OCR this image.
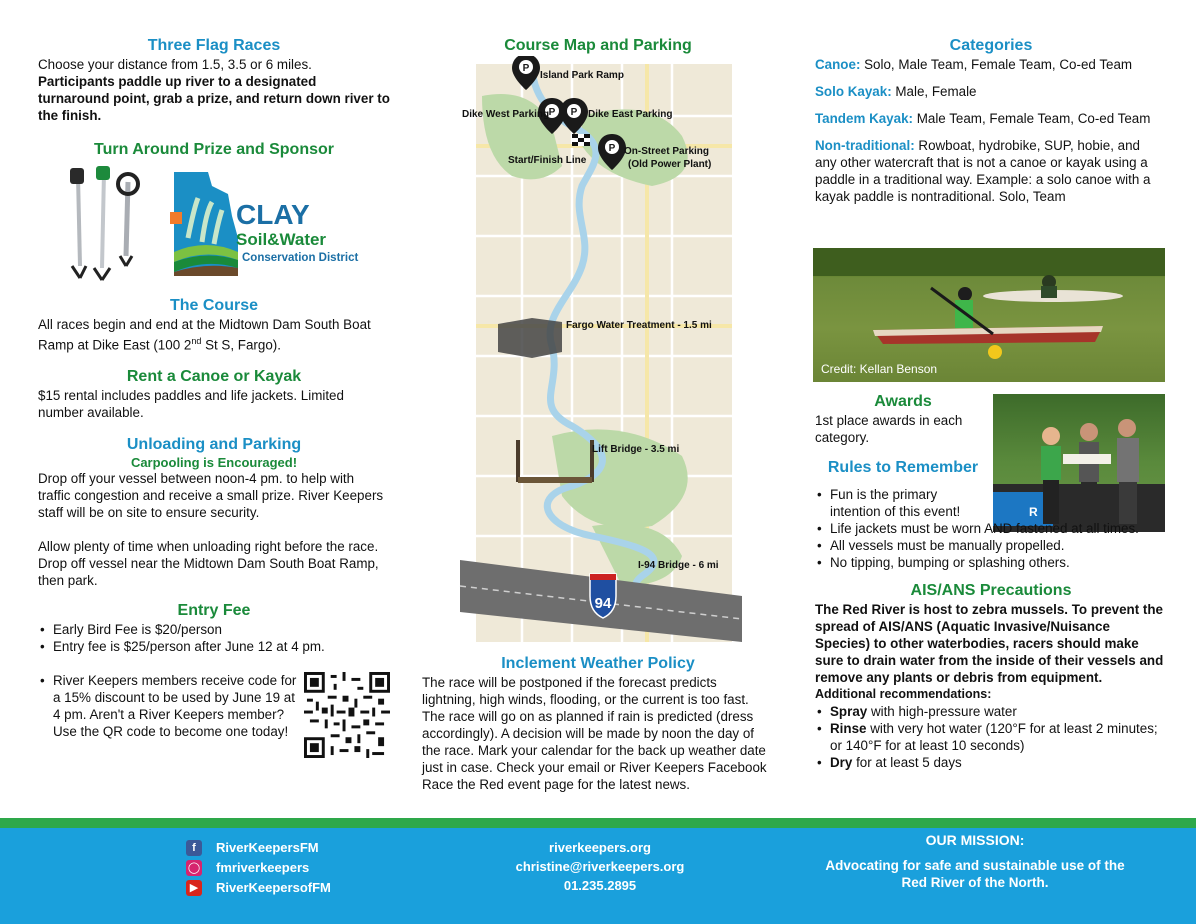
Three Flag Races

Choose your distance from 1.5, 3.5 or 6 miles.

Participants paddle up river to a designated turnaround point, grab a prize, and return down river to the finish.

Turn Around Prize and Sponsor
CLAY
Soil&Water
Conservation District
The Course

All races begin and end at the Midtown Dam South Boat Ramp at Dike East (100 2nd St S, Fargo).

Rent a Canoe or Kayak

$15 rental includes paddles and life jackets. Limited number available.

Unloading and Parking
Carpooling is Encouraged!

Drop off your vessel between noon-4 pm. to help with traffic congestion and receive a small prize. River Keepers staff will be on site to ensure security.

Allow plenty of time when unloading right before the race. Drop off vessel near the Midtown Dam South Boat Ramp, then park.

Entry Fee
• Early Bird Fee is $20/person
• Entry fee is $25/person after June 12 at 4 pm.
• River Keepers members receive code for a 15% discount to be used by June 19 at 4 pm. Aren't a River Keepers member? Use the QR code to become one today!
Course Map and Parking
94
P
P P
P
Island Park Ramp
Dike West Parking	Dike East Parking
Start/Finish Line
On-Street Parking
(Old Power Plant)
Fargo Water Treatment - 1.5 mi
Lift Bridge - 3.5 mi
I-94 Bridge - 6 mi
Inclement Weather Policy

The race will be postponed if the forecast predicts lightning, high winds, flooding, or the current is too fast. The race will go on as planned if rain is predicted (dress accordingly). A decision will be made by noon the day of the race. Mark your calendar for the back up weather date just in case. Check your email or River Keepers Facebook Race the Red event page for the latest news.

Categories

Canoe: Solo, Male Team, Female Team, Co-ed Team

Solo Kayak: Male, Female

Tandem Kayak: Male Team, Female Team, Co-ed Team

Non-traditional: Rowboat, hydrobike, SUP, hobie, and any other watercraft that is not a canoe or kayak using a paddle in a traditional way. Example: a solo canoe with a kayak paddle is nontraditional. Solo, Team

Credit: Kellan Benson
Awards

1st place awards in each category.

Rules to Remember
R
• Fun is the primary intention of this event!
• Life jackets must be worn AND fastened at all times.
• All vessels must be manually propelled.
• No tipping, bumping or splashing others.
AIS/ANS Precautions

The Red River is host to zebra mussels. To prevent the spread of AIS/ANS (Aquatic Invasive/Nuisance Species) to other waterbodies, racers should make sure to drain water from the inside of their vessels and remove any plants or debris from equipment.

Additional recommendations:

• Spray with high-pressure water
• Rinse with very hot water (120°F for at least 2 minutes; or 140°F for at least 10 seconds)
• Dry for at least 5 days
f	RiverKeepersFM
◯ fmriverkeepers
▶ RiverKeepersofFM
riverkeepers.org
christine@riverkeepers.org
01.235.2895
OUR MISSION:
Advocating for safe and sustainable use of the Red River of the North.
